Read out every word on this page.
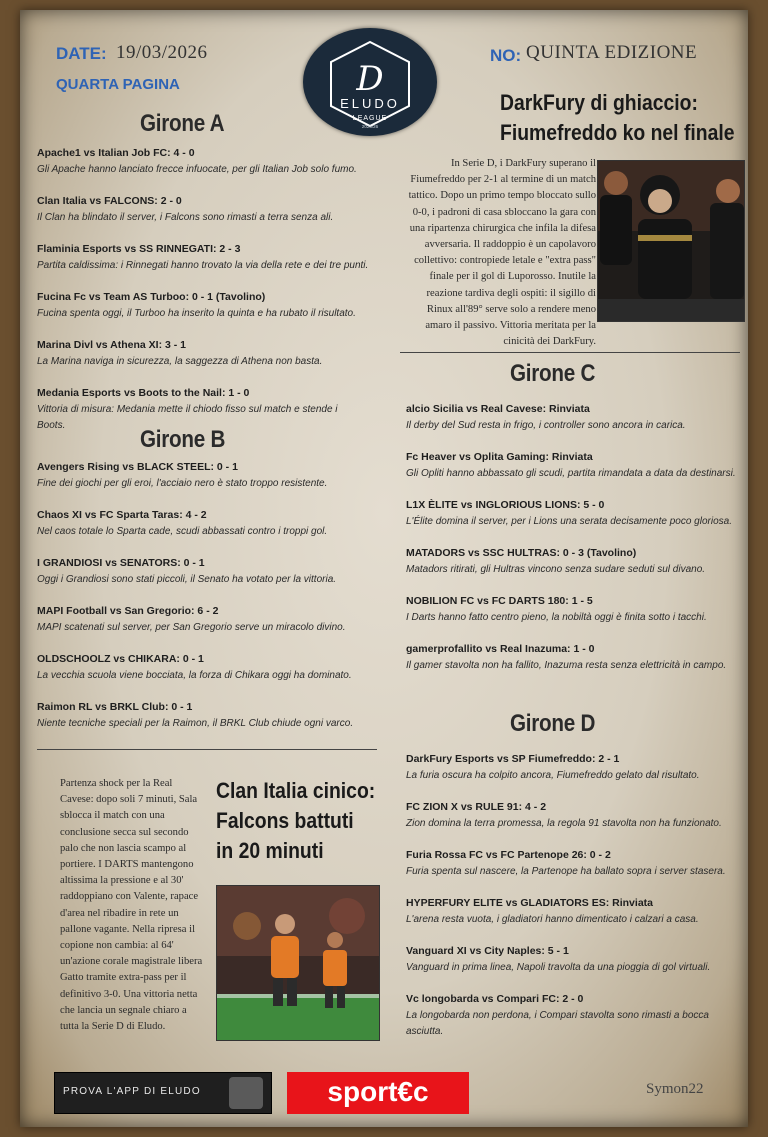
DATE: 19/03/2026
QUARTA PAGINA
NO: QUINTA EDIZIONE
D
ELUDO
LEAGUE
2025/26
Girone A
Apache1 vs Italian Job FC: 4 - 0
Gli Apache hanno lanciato frecce infuocate, per gli Italian Job solo fumo.
Clan Italia vs FALCONS: 2 - 0
Il Clan ha blindato il server, i Falcons sono rimasti a terra senza ali.
Flaminia Esports vs SS RINNEGATI: 2 - 3
Partita caldissima: i Rinnegati hanno trovato la via della rete e dei tre punti.
Fucina Fc vs Team AS Turboo: 0 - 1 (Tavolino)
Fucina spenta oggi, il Turboo ha inserito la quinta e ha rubato il risultato.
Marina Divl vs Athena XI: 3 - 1
La Marina naviga in sicurezza, la saggezza di Athena non basta.
Medania Esports vs Boots to the Nail: 1 - 0
Vittoria di misura: Medania mette il chiodo fisso sul match e stende i Boots.
Girone B
Avengers Rising vs BLACK STEEL: 0 - 1
Fine dei giochi per gli eroi, l'acciaio nero è stato troppo resistente.
Chaos XI vs FC Sparta Taras: 4 - 2
Nel caos totale lo Sparta cade, scudi abbassati contro i troppi gol.
I GRANDIOSI vs SENATORS: 0 - 1
Oggi i Grandiosi sono stati piccoli, il Senato ha votato per la vittoria.
MAPI Football vs San Gregorio: 6 - 2
MAPI scatenati sul server, per San Gregorio serve un miracolo divino.
OLDSCHOOLZ vs CHIKARA: 0 - 1
La vecchia scuola viene bocciata, la forza di Chikara oggi ha dominato.
Raimon RL vs BRKL Club: 0 - 1
Niente tecniche speciali per la Raimon, il BRKL Club chiude ogni varco.
Partenza shock per la Real Cavese: dopo soli 7 minuti, Sala sblocca il match con una conclusione secca sul secondo palo che non lascia scampo al portiere. I DARTS mantengono altissima la pressione e al 30' raddoppiano con Valente, rapace d'area nel ribadire in rete un pallone vagante. Nella ripresa il copione non cambia: al 64' un'azione corale magistrale libera Gatto tramite extra-pass per il definitivo 3-0. Una vittoria netta che lancia un segnale chiaro a tutta la Serie D di Eludo.
Clan Italia cinico:
Falcons battuti
in 20 minuti
DarkFury di ghiaccio:
Fiumefreddo ko nel finale
In Serie D, i DarkFury superano il Fiumefreddo per 2-1 al termine di un match tattico. Dopo un primo tempo bloccato sullo 0-0, i padroni di casa sbloccano la gara con una ripartenza chirurgica che infila la difesa avversaria. Il raddoppio è un capolavoro collettivo: contropiede letale e "extra pass" finale per il gol di Luporosso. Inutile la reazione tardiva degli ospiti: il sigillo di Rinux all'89° serve solo a rendere meno amaro il passivo. Vittoria meritata per la cinicità dei DarkFury.
Girone C
alcio Sicilia vs Real Cavese: Rinviata
Il derby del Sud resta in frigo, i controller sono ancora in carica.
Fc Heaver vs Oplita Gaming: Rinviata
Gli Opliti hanno abbassato gli scudi, partita rimandata a data da destinarsi.
L1X ÈLITE vs INGLORIOUS LIONS: 5 - 0
L'Élite domina il server, per i Lions una serata decisamente poco gloriosa.
MATADORS vs SSC HULTRAS: 0 - 3 (Tavolino)
Matadors ritirati, gli Hultras vincono senza sudare seduti sul divano.
NOBILION FC vs FC DARTS 180: 1 - 5
I Darts hanno fatto centro pieno, la nobiltà oggi è finita sotto i tacchi.
gamerprofallito vs Real Inazuma: 1 - 0
Il gamer stavolta non ha fallito, Inazuma resta senza elettricità in campo.
Girone D
DarkFury Esports vs SP Fiumefreddo: 2 - 1
La furia oscura ha colpito ancora, Fiumefreddo gelato dal risultato.
FC ZION X vs RULE 91: 4 - 2
Zion domina la terra promessa, la regola 91 stavolta non ha funzionato.
Furia Rossa FC vs FC Partenope 26: 0 - 2
Furia spenta sul nascere, la Partenope ha ballato sopra i server stasera.
HYPERFURY ELITE vs GLADIATORS ES: Rinviata
L'arena resta vuota, i gladiatori hanno dimenticato i calzari a casa.
Vanguard XI vs City Naples: 5 - 1
Vanguard in prima linea, Napoli travolta da una pioggia di gol virtuali.
Vc longobarda vs Compari FC: 2 - 0
La longobarda non perdona, i Compari stavolta sono rimasti a bocca asciutta.
PROVA L'APP DI ELUDO	sport€c	Symon22
